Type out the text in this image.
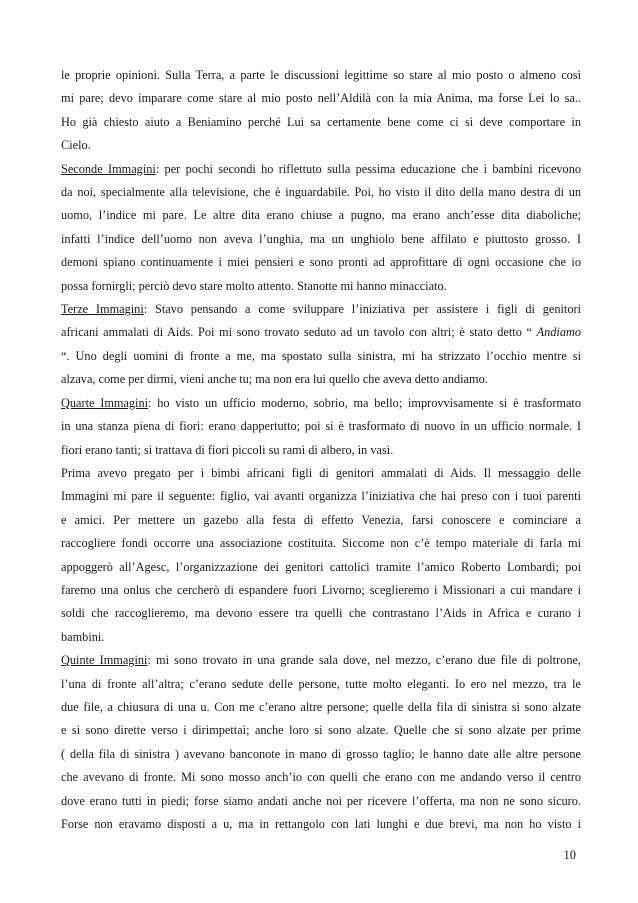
le proprie opinioni. Sulla Terra, a parte le discussioni legittime so stare al mio posto o almeno così
mi pare; devo imparare come stare al mio posto nell’Aldilà con la mia Anima, ma forse Lei lo sa..
Ho già chiesto aiuto a Beniamino perché Lui sa certamente bene come ci si deve comportare in
Cielo.
Seconde Immagini: per pochi secondi ho riflettuto sulla pessima educazione che i bambini ricevono
da noi, specialmente alla televisione, che è inguardabile. Poi, ho visto il dito della mano destra di un
uomo, l’indice mi pare. Le altre dita erano chiuse a pugno, ma erano anch’esse dita diaboliche;
infatti l’indice dell’uomo non aveva l’unghia, ma un unghiolo bene affilato e piuttosto grosso. I
demoni spiano continuamente i miei pensieri e sono pronti ad approfittare di ogni occasione che io
possa fornirgli; perciò devo stare molto attento. Stanotte mi hanno minacciato.
Terze Immagini: Stavo pensando a come sviluppare l’iniziativa per assistere i figli di genitori
africani ammalati di Aids. Poi mi sono trovato seduto ad un tavolo con altri; è stato detto “ Andiamo
“. Uno degli uomini di fronte a me, ma spostato sulla sinistra, mi ha strizzato l’occhio mentre si
alzava, come per dirmi, vieni anche tu; ma non era lui quello che aveva detto andiamo.
Quarte Immagini: ho visto un ufficio moderno, sobrio, ma bello; improvvisamente si è trasformato
in una stanza piena di fiori: erano dappertutto; poi si è trasformato di nuovo in un ufficio normale. I
fiori erano tanti; si trattava di fiori piccoli su rami di albero, in vasi.
Prima avevo pregato per i bimbi africani figli di genitori ammalati di Aids. Il messaggio delle
Immagini mi pare il seguente: figlio, vai avanti organizza l’iniziativa che hai preso con i tuoi parenti
e amici. Per mettere un gazebo alla festa di effetto Venezia, farsi conoscere e cominciare a
raccogliere fondi occorre una associazione costituita. Siccome non c’è tempo materiale di farla mi
appoggerò all’Agesc, l’organizzazione dei genitori cattolici tramite l’amico Roberto Lombardi; poi
faremo una onlus che cercherò di espandere fuori Livorno; sceglieremo i Missionari a cui mandare i
soldi che raccoglieremo, ma devono essere tra quelli che contrastano l’Aids in Africa e curano i
bambini.
Quinte Immagini: mi sono trovato in una grande sala dove, nel mezzo, c’erano due file di poltrone,
l’una di fronte all’altra; c’erano sedute delle persone, tutte molto eleganti. Io ero nel mezzo, tra le
due file, a chiusura di una u. Con me c’erano altre persone; quelle della fila di sinistra si sono alzate
e si sono dirette verso i dirimpettai; anche loro si sono alzate. Quelle che si sono alzate per prime
( della fila di sinistra ) avevano banconote in mano di grosso taglio; le hanno date alle altre persone
che avevano di fronte. Mi sono mosso anch’io con quelli che erano con me andando verso il centro
dove erano tutti in piedi; forse siamo andati anche noi per ricevere l’offerta, ma non ne sono sicuro.
Forse non eravamo disposti a u, ma in rettangolo con lati lunghi e due brevi, ma non ho visto i
10
